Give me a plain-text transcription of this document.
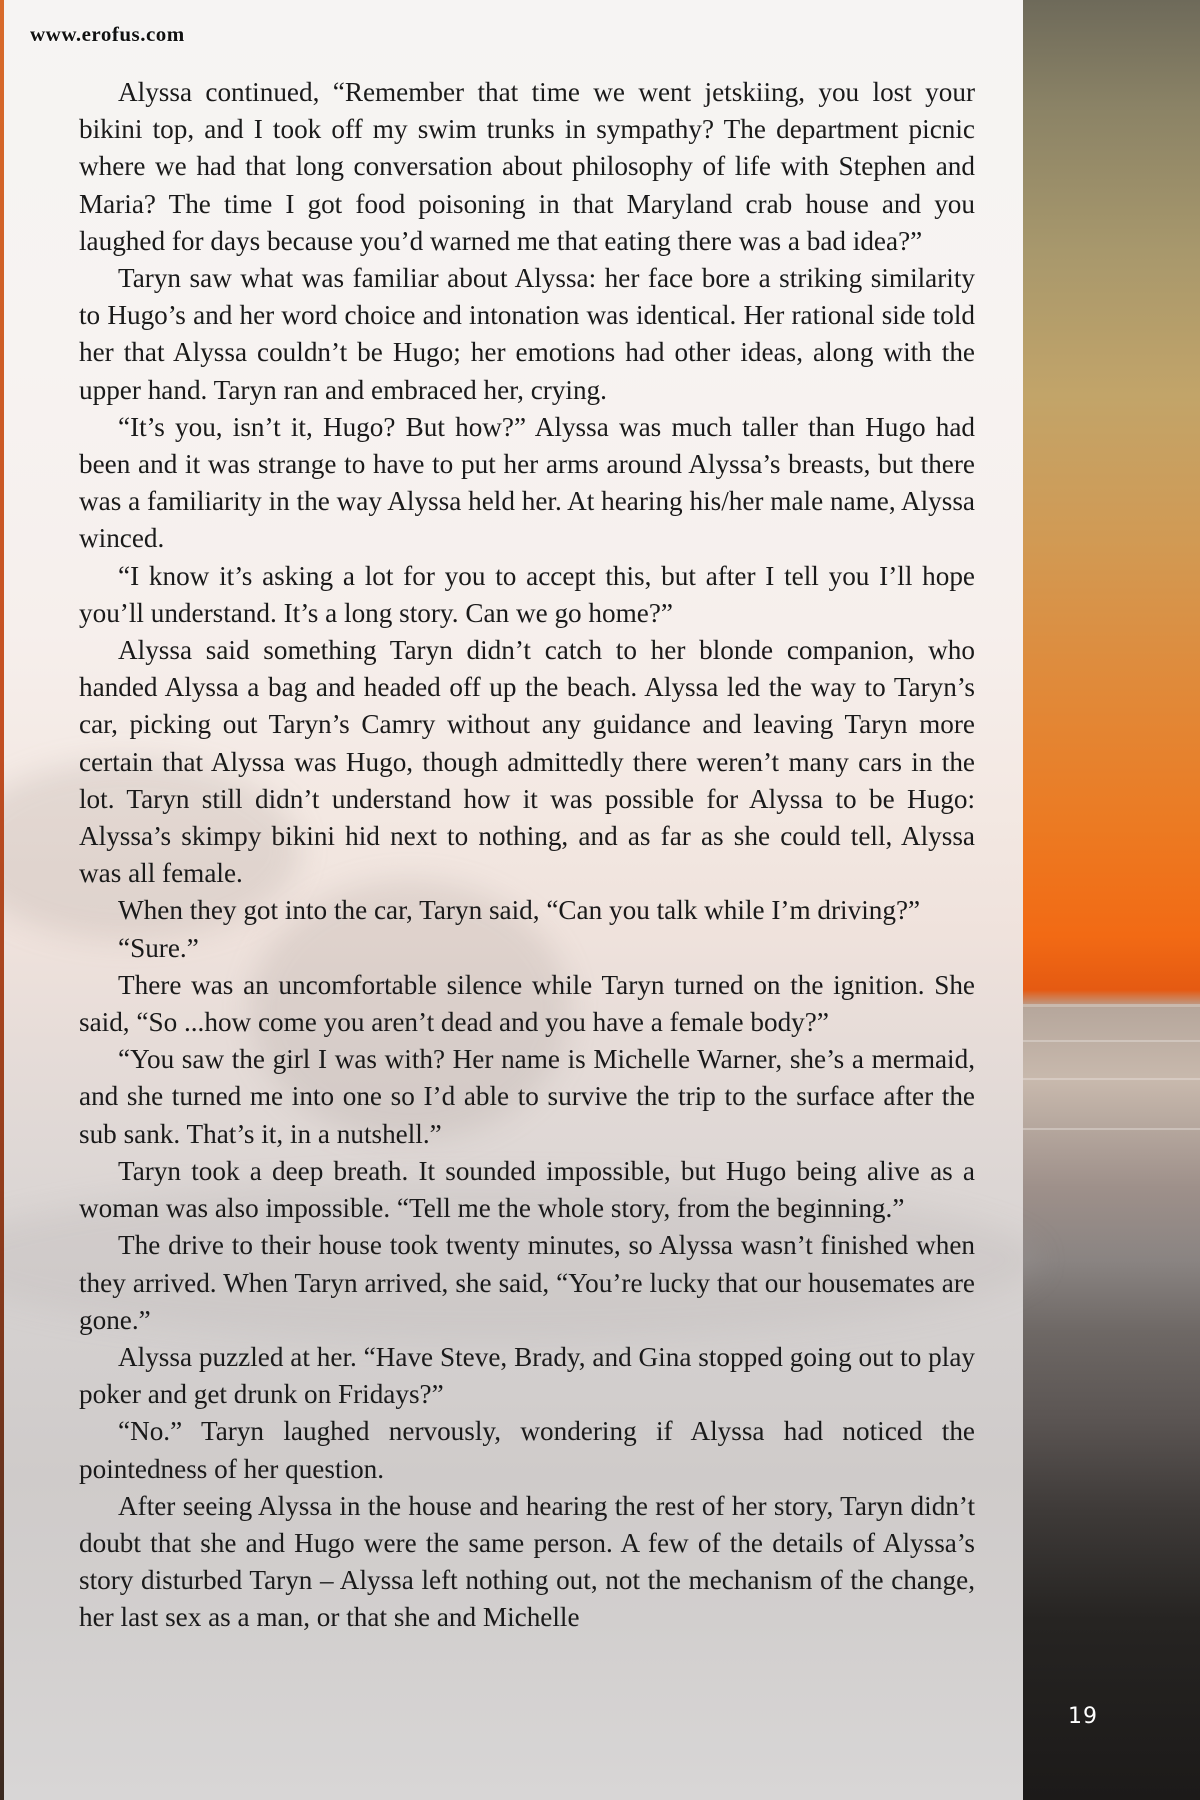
www.erofus.com

Alyssa continued, “Remember that time we went jetskiing, you lost your bikini top, and I took off my swim trunks in sympathy? The department picnic where we had that long conversation about philosophy of life with Stephen and Maria? The time I got food poisoning in that Maryland crab house and you laughed for days because you’d warned me that eating there was a bad idea?”

Taryn saw what was familiar about Alyssa: her face bore a striking similarity to Hugo’s and her word choice and intonation was identical. Her rational side told her that Alyssa couldn’t be Hugo; her emotions had other ideas, along with the upper hand. Taryn ran and embraced her, crying.

“It’s you, isn’t it, Hugo? But how?” Alyssa was much taller than Hugo had been and it was strange to have to put her arms around Alyssa’s breasts, but there was a familiarity in the way Alyssa held her. At hearing his/her male name, Alyssa winced.

“I know it’s asking a lot for you to accept this, but after I tell you I’ll hope you’ll understand. It’s a long story. Can we go home?”

Alyssa said something Taryn didn’t catch to her blonde companion, who handed Alyssa a bag and headed off up the beach. Alyssa led the way to Taryn’s car, picking out Taryn’s Camry without any guidance and leaving Taryn more certain that Alyssa was Hugo, though admittedly there weren’t many cars in the lot. Taryn still didn’t understand how it was possible for Alyssa to be Hugo: Alyssa’s skimpy bikini hid next to nothing, and as far as she could tell, Alyssa was all female.

When they got into the car, Taryn said, “Can you talk while I’m driving?”

“Sure.”

There was an uncomfortable silence while Taryn turned on the ignition. She said, “So ...how come you aren’t dead and you have a female body?”

“You saw the girl I was with? Her name is Michelle Warner, she’s a mermaid, and she turned me into one so I’d able to survive the trip to the surface after the sub sank. That’s it, in a nutshell.”

Taryn took a deep breath. It sounded impossible, but Hugo being alive as a woman was also impossible. “Tell me the whole story, from the beginning.”

The drive to their house took twenty minutes, so Alyssa wasn’t finished when they arrived. When Taryn arrived, she said, “You’re lucky that our housemates are gone.”

Alyssa puzzled at her. “Have Steve, Brady, and Gina stopped going out to play poker and get drunk on Fridays?”

“No.” Taryn laughed nervously, wondering if Alyssa had noticed the pointedness of her question.

After seeing Alyssa in the house and hearing the rest of her story, Taryn didn’t doubt that she and Hugo were the same person. A few of the details of Alyssa’s story disturbed Taryn – Alyssa left nothing out, not the mechanism of the change, her last sex as a man, or that she and Michelle

19
